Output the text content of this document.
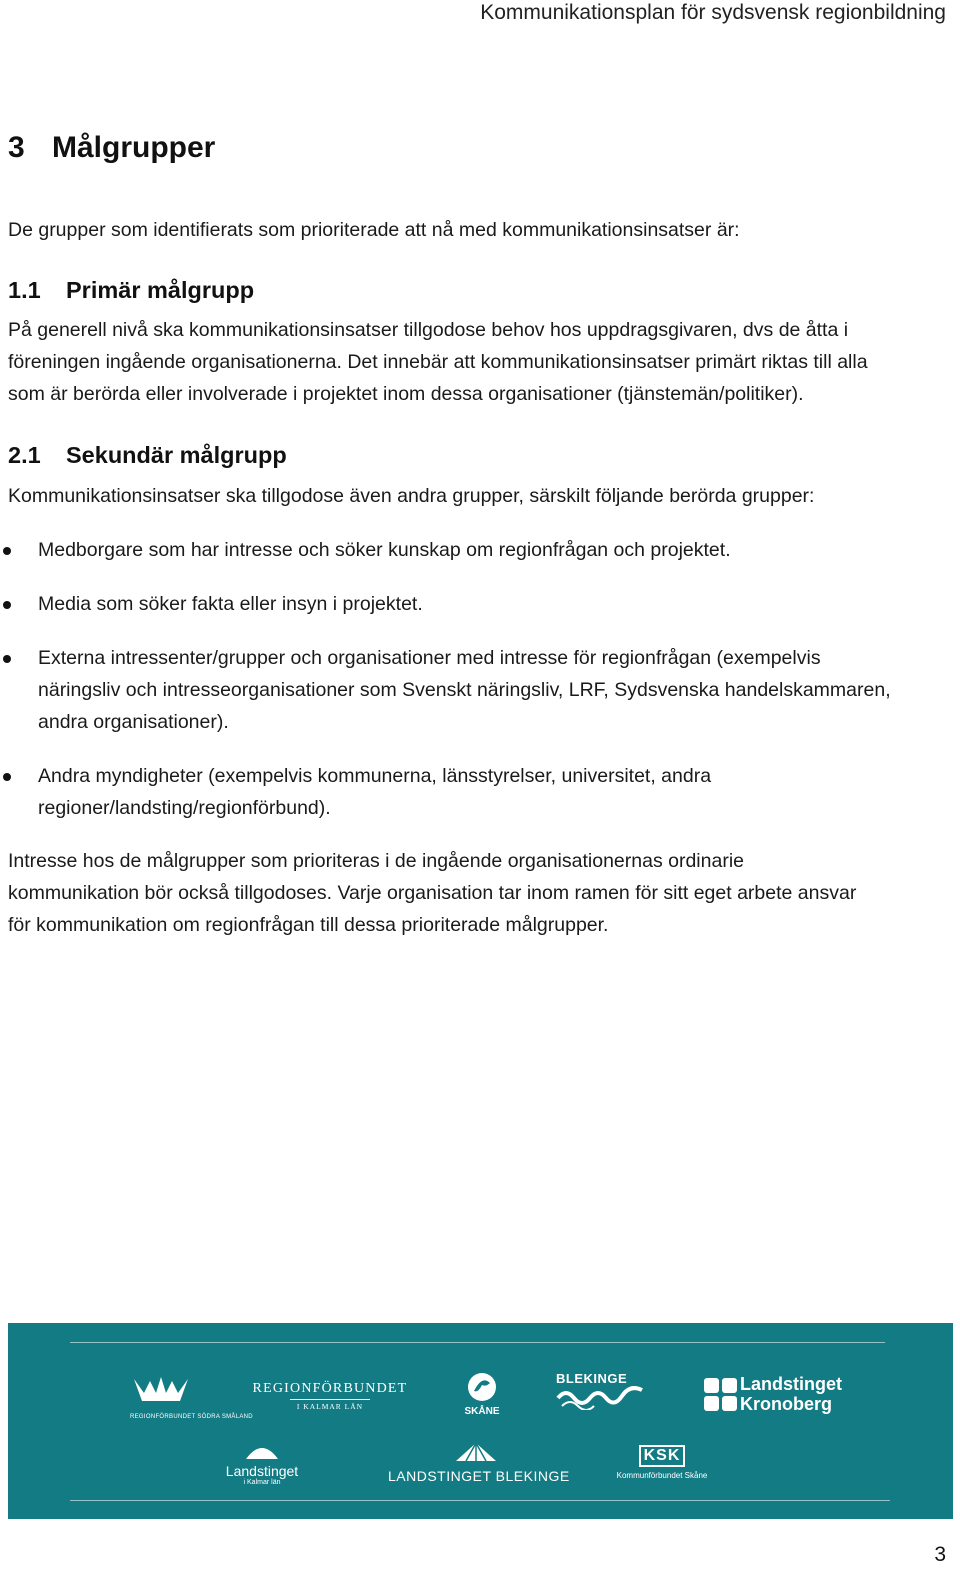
Kommunikationsplan för sydsvensk regionbildning
3 Målgrupper

De grupper som identifierats som prioriterade att nå med kommunikationsinsatser är:

1.1 Primär målgrupp
På generell nivå ska kommunikationsinsatser tillgodose behov hos uppdragsgivaren, dvs de åtta i
föreningen ingående organisationerna. Det innebär att kommunikationsinsatser primärt riktas till alla
som är berörda eller involverade i projektet inom dessa organisationer (tjänstemän/politiker).
2.1 Sekundär målgrupp

Kommunikationsinsatser ska tillgodose även andra grupper, särskilt följande berörda grupper:

Medborgare som har intresse och söker kunskap om regionfrågan och projektet.
Media som söker fakta eller insyn i projektet.
Externa intressenter/grupper och organisationer med intresse för regionfrågan (exempelvis
näringsliv och intresseorganisationer som Svenskt näringsliv, LRF, Sydsvenska handelskammaren,
andra organisationer).
Andra myndigheter (exempelvis kommunerna, länsstyrelser, universitet, andra
regioner/landsting/regionförbund).
Intresse hos de målgrupper som prioriteras i de ingående organisationernas ordinarie
kommunikation bör också tillgodoses. Varje organisation tar inom ramen för sitt eget arbete ansvar
för kommunikation om regionfrågan till dessa prioriterade målgrupper.
REGIONFÖRBUNDET SÖDRA SMÅLAND
REGIONFÖRBUNDET
I KALMAR LÄN	SKÅNE
BLEKINGE	Landstinget
Kronoberg
Landstinget
i Kalmar län	LANDSTINGET BLEKINGE
KSK
Kommunförbundet Skåne
3
